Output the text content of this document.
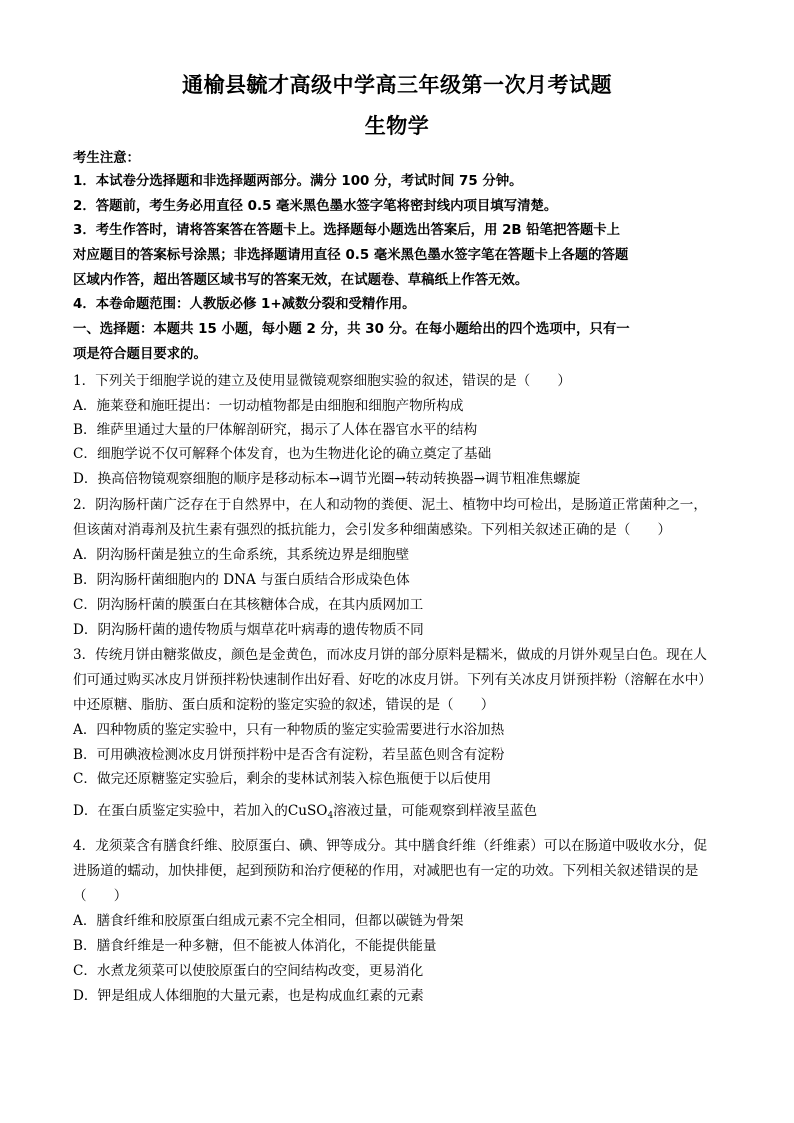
通榆县毓才高级中学高三年级第一次月考试题
生物学
考生注意：
1．本试卷分选择题和非选择题两部分。满分 100 分，考试时间 75 分钟。
2．答题前，考生务必用直径 0.5 毫米黑色墨水签字笔将密封线内项目填写清楚。
3．考生作答时，请将答案答在答题卡上。选择题每小题选出答案后，用 2B 铅笔把答题卡上
对应题目的答案标号涂黑；非选择题请用直径 0.5 毫米黑色墨水签字笔在答题卡上各题的答题
区域内作答，超出答题区域书写的答案无效，在试题卷、草稿纸上作答无效。
4．本卷命题范围：人教版必修 1+减数分裂和受精作用。
一、选择题：本题共 15 小题，每小题 2 分，共 30 分。在每小题给出的四个选项中，只有一
项是符合题目要求的。
1．下列关于细胞学说的建立及使用显微镜观察细胞实验的叙述，错误的是（　　）
A．施莱登和施旺提出：一切动植物都是由细胞和细胞产物所构成
B．维萨里通过大量的尸体解剖研究，揭示了人体在器官水平的结构
C．细胞学说不仅可解释个体发育，也为生物进化论的确立奠定了基础
D．换高倍物镜观察细胞的顺序是移动标本→调节光圈→转动转换器→调节粗准焦螺旋
2．阴沟肠杆菌广泛存在于自然界中，在人和动物的粪便、泥土、植物中均可检出，是肠道正常菌种之一，
但该菌对消毒剂及抗生素有强烈的抵抗能力，会引发多种细菌感染。下列相关叙述正确的是（　　）
B．阴沟肠杆菌细胞内的 DNA 与蛋白质结合形成染色体
A．阴沟肠杆菌是独立的生命系统，其系统边界是细胞壁
C．阴沟肠杆菌的膜蛋白在其核糖体合成，在其内质网加工
D．阴沟肠杆菌的遗传物质与烟草花叶病毒的遗传物质不同
3．传统月饼由糖浆做皮，颜色是金黄色，而冰皮月饼的部分原料是糯米，做成的月饼外观呈白色。现在人
们可通过购买冰皮月饼预拌粉快速制作出好看、好吃的冰皮月饼。下列有关冰皮月饼预拌粉（溶解在水中）
中还原糖、脂肪、蛋白质和淀粉的鉴定实验的叙述，错误的是（　　）
A．四种物质的鉴定实验中，只有一种物质的鉴定实验需要进行水浴加热
B．可用碘液检测冰皮月饼预拌粉中是否含有淀粉，若呈蓝色则含有淀粉
C．做完还原糖鉴定实验后，剩余的斐林试剂装入棕色瓶便于以后使用
D．在蛋白质鉴定实验中，若加入的CuSO$_4$溶液过量，可能观察到样液呈蓝色
4．龙须菜含有膳食纤维、胶原蛋白、碘、钾等成分。其中膳食纤维（纤维素）可以在肠道中吸收水分，促
进肠道的蠕动，加快排便，起到预防和治疗便秘的作用，对减肥也有一定的功效。下列相关叙述错误的是
（　　）
A．膳食纤维和胶原蛋白组成元素不完全相同，但都以碳链为骨架
B．膳食纤维是一种多糖，但不能被人体消化，不能提供能量
C．水煮龙须菜可以使胶原蛋白的空间结构改变，更易消化
D．钾是组成人体细胞的大量元素，也是构成血红素的元素
